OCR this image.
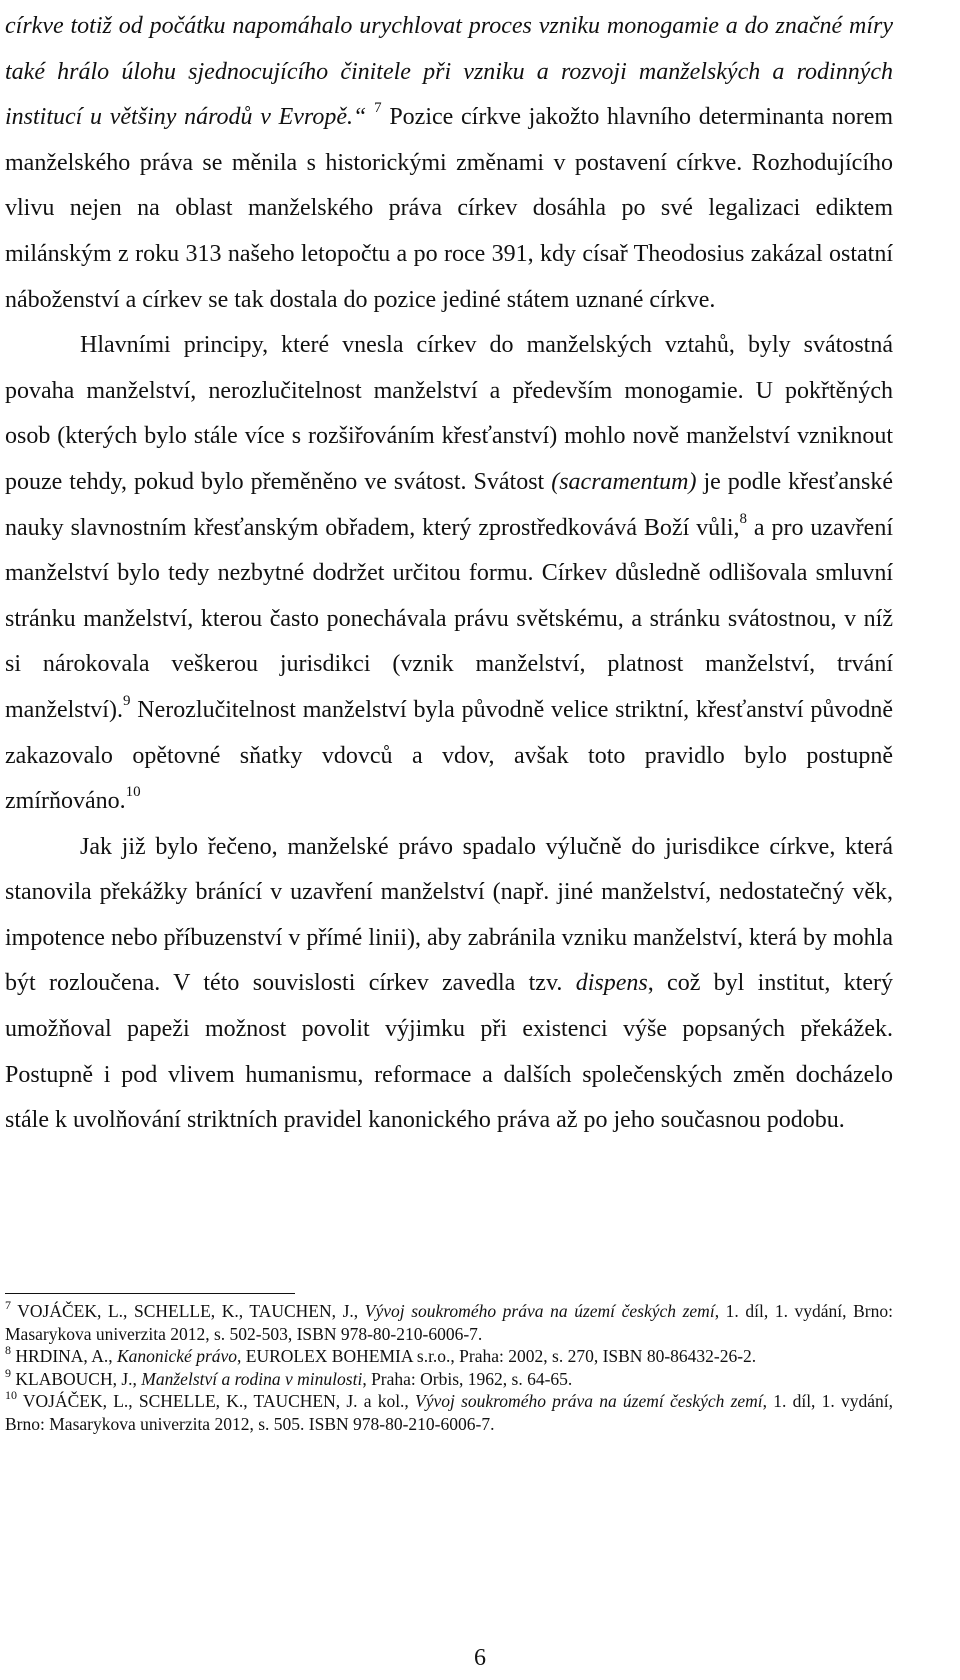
církve totiž od počátku napomáhalo urychlovat proces vzniku monogamie a do značné míry také hrálo úlohu sjednocujícího činitele při vzniku a rozvoji manželských a rodinných institucí u většiny národů v Evropě.“ $^7$ Pozice církve jakožto hlavního determinanta norem manželského práva se měnila s historickými změnami v postavení církve. Rozhodujícího vlivu nejen na oblast manželského práva církev dosáhla po své legalizaci ediktem milánským z roku 313 našeho letopočtu a po roce 391, kdy císař Theodosius zakázal ostatní náboženství a církev se tak dostala do pozice jediné státem uznané církve.

Hlavními principy, které vnesla církev do manželských vztahů, byly svátostná povaha manželství, nerozlučitelnost manželství a především monogamie. U pokřtěných osob (kterých bylo stále více s rozšiřováním křesťanství) mohlo nově manželství vzniknout pouze tehdy, pokud bylo přeměněno ve svátost. Svátost (sacramentum) je podle křesťanské nauky slavnostním křesťanským obřadem, který zprostředkovává Boží vůli,$^8$ a pro uzavření manželství bylo tedy nezbytné dodržet určitou formu. Církev důsledně odlišovala smluvní stránku manželství, kterou často ponechávala právu světskému, a stránku svátostnou, v níž si nárokovala veškerou jurisdikci (vznik manželství, platnost manželství, trvání manželství).$^9$ Nerozlučitelnost manželství byla původně velice striktní, křesťanství původně zakazovalo opětovné sňatky vdovců a vdov, avšak toto pravidlo bylo postupně zmírňováno.$^{10}$

Jak již bylo řečeno, manželské právo spadalo výlučně do jurisdikce církve, která stanovila překážky bránící v uzavření manželství (např. jiné manželství, nedostatečný věk, impotence nebo příbuzenství v přímé linii), aby zabránila vzniku manželství, která by mohla být rozloučena. V této souvislosti církev zavedla tzv. dispens, což byl institut, který umožňoval papeži možnost povolit výjimku při existenci výše popsaných překážek. Postupně i pod vlivem humanismu, reformace a dalších společenských změn docházelo stále k uvolňování striktních pravidel kanonického práva až po jeho současnou podobu.

$^7$ VOJÁČEK, L., SCHELLE, K., TAUCHEN, J., Vývoj soukromého práva na území českých zemí, 1. díl, 1. vydání, Brno: Masarykova univerzita 2012, s. 502-503, ISBN 978-80-210-6006-7.

$^8$ HRDINA, A., Kanonické právo, EUROLEX BOHEMIA s.r.o., Praha: 2002, s. 270, ISBN 80-86432-26-2.

$^9$ KLABOUCH, J., Manželství a rodina v minulosti, Praha: Orbis, 1962, s. 64-65.

$^{10}$ VOJÁČEK, L., SCHELLE, K., TAUCHEN, J. a kol., Vývoj soukromého práva na území českých zemí, 1. díl, 1. vydání, Brno: Masarykova univerzita 2012, s. 505. ISBN 978-80-210-6006-7.

6
